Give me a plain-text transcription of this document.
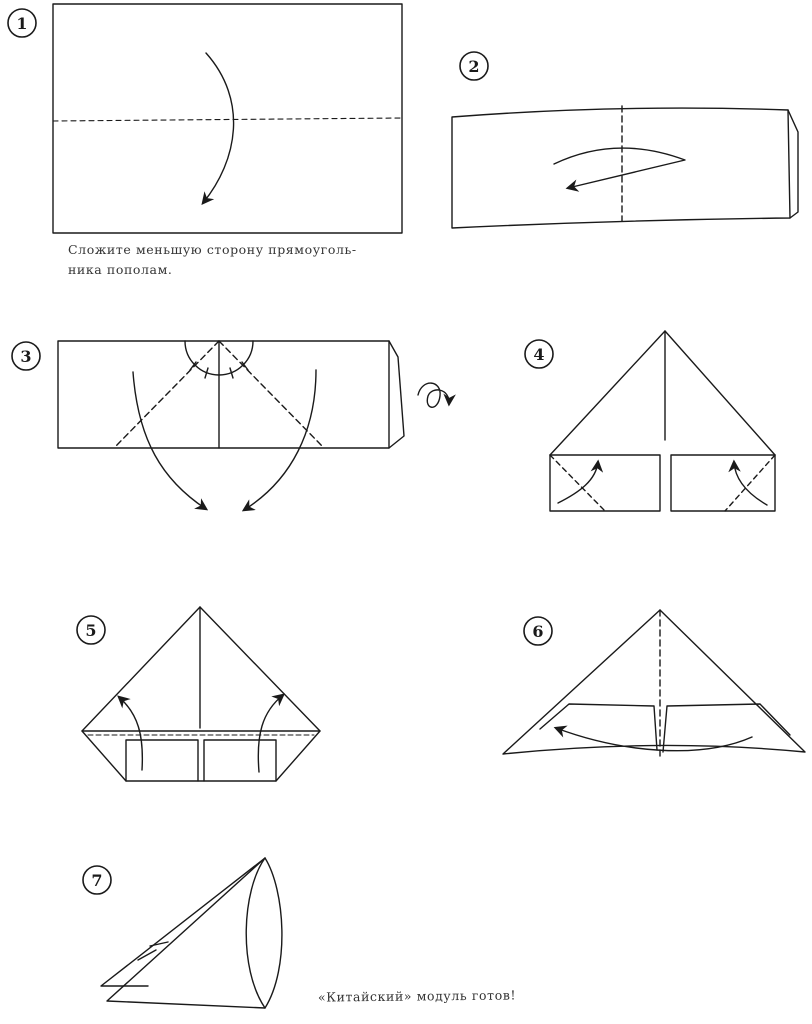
1
2
3	4
5	6
7

Сложите меньшую сторону прямоуголь-
ника пополам.

«Китайский» модуль готов!
